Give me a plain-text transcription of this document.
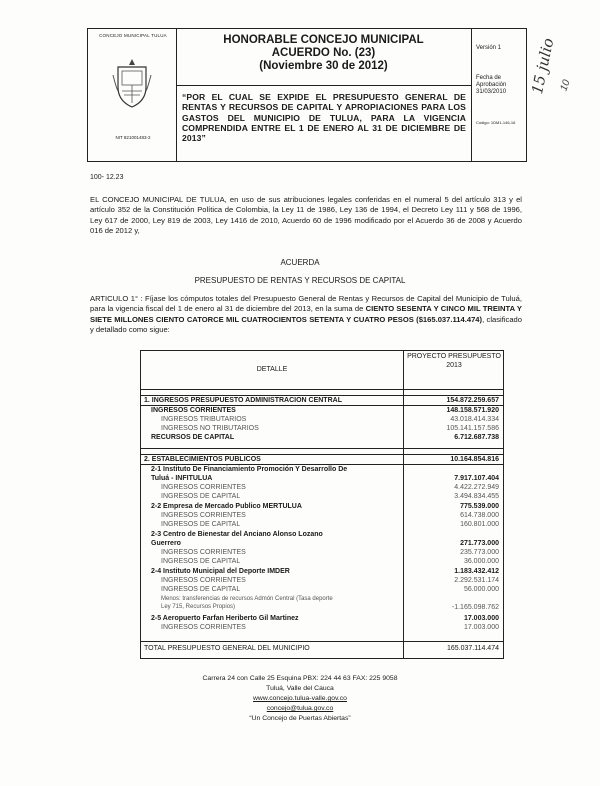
CONCEJO MUNICIPAL TULUA
NIT 821001483-2
HONORABLE CONCEJO MUNICIPAL
ACUERDO No. (23)
(Noviembre 30 de 2012)
“POR EL CUAL SE EXPIDE EL PRESUPUESTO GENERAL DE RENTAS Y RECURSOS DE CAPITAL Y APROPIACIONES PARA LOS GASTOS DEL MUNICIPIO DE TULUA, PARA LA VIGENCIA COMPRENDIDA ENTRE EL 1 DE ENERO AL 31 DE DICIEMBRE DE 2013”
Versión 1
Fecha de Aprobación 31/03/2010
Código: 1DM1-146-16
15 julio 10
100- 12.23
EL CONCEJO MUNICIPAL DE TULUA, en uso de sus atribuciones legales conferidas en el numeral 5 del artículo 313 y el artículo 352 de la Constitución Política de Colombia, la Ley 11 de 1986, Ley 136 de 1994, el Decreto Ley 111 y 568 de 1996, Ley 617 de 2000, Ley 819 de 2003, Ley 1416 de 2010, Acuerdo 60 de 1996 modificado por el Acuerdo 36 de 2008 y Acuerdo 016 de 2012 y,
ACUERDA
PRESUPUESTO DE RENTAS Y RECURSOS DE CAPITAL
ARTICULO 1° : Fíjase los cómputos totales del Presupuesto General de Rentas y Recursos de Capital del Municipio de Tuluá, para la vigencia fiscal del 1 de enero al 31 de diciembre del 2013, en la suma de CIENTO SESENTA Y CINCO MIL TREINTA Y SIETE MILLONES CIENTO CATORCE MIL CUATROCIENTOS SETENTA Y CUATRO PESOS ($165.037.114.474), clasificado y detallado como sigue:
DETALLE
PROYECTO PRESUPUESTO 2013
1. INGRESOS PRESUPUESTO ADMINISTRACION CENTRAL	154.872.259.657
INGRESOS CORRIENTES	148.158.571.920
INGRESOS TRIBUTARIOS	43.018.414.334
INGRESOS NO TRIBUTARIOS	105.141.157.586
RECURSOS DE CAPITAL	6.712.687.738
2. ESTABLECIMIENTOS PUBLICOS	10.164.854.816
2-1 Instituto De Financiamiento Promoción Y Desarrollo De
Tuluá - INFITULUA	7.917.107.404
INGRESOS CORRIENTES	4.422.272.949
INGRESOS DE CAPITAL	3.494.834.455
2-2 Empresa de Mercado Publico MERTULUA	775.539.000
INGRESOS CORRIENTES	614.738.000
INGRESOS DE CAPITAL	160.801.000
2-3 Centro de Bienestar del Anciano Alonso Lozano
Guerrero	271.773.000
INGRESOS CORRIENTES	235.773.000
INGRESOS DE CAPITAL	36.000.000
2-4 Instituto Municipal del Deporte IMDER	1.183.432.412
INGRESOS CORRIENTES	2.292.531.174
INGRESOS DE CAPITAL	56.000.000
Menos: transferencias de recursos Admón Central (Tasa deporte
Ley 715, Recursos Propios)	-1.165.098.762
2-5 Aeropuerto Farfan Heriberto Gil Martinez	17.003.000
INGRESOS CORRIENTES	17.003.000
TOTAL PRESUPUESTO GENERAL DEL MUNICIPIO	165.037.114.474
Carrera 24 con Calle 25 Esquina PBX: 224 44 63 FAX: 225 9058
Tuluá, Valle del Cauca
www.concejo.tulua-valle.gov.co
concejo@tulua.gov.co
“Un Concejo de Puertas Abiertas”
